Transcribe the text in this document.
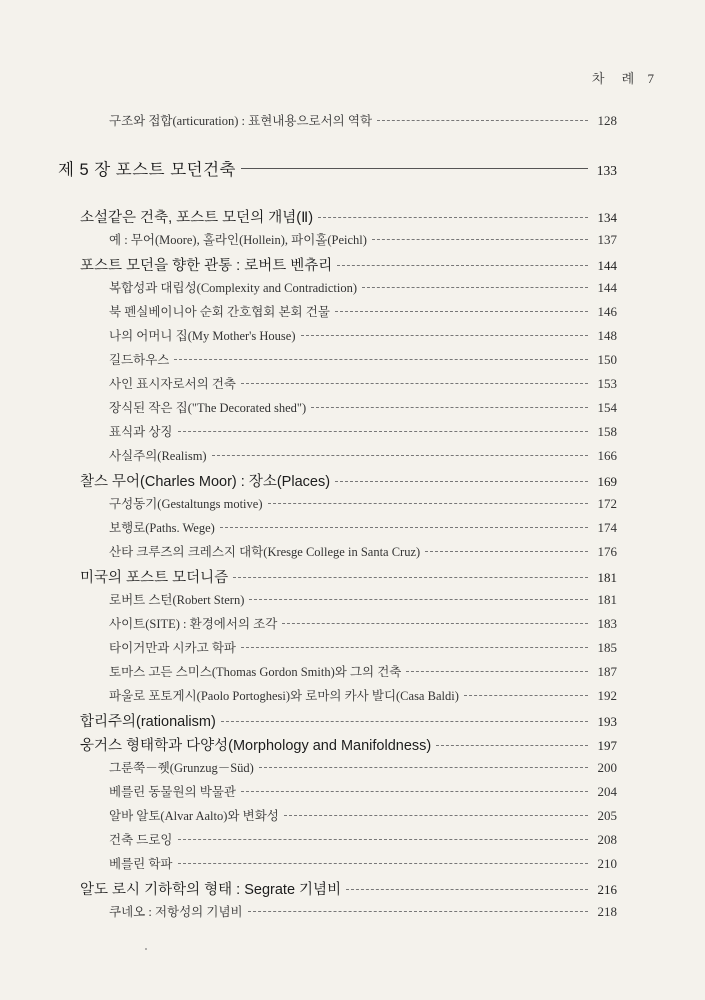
차 례 7
구조와 접합(articuration) : 표현내용으로서의 역학	128
제 5 장 포스트 모던건축	133
소설같은 건축, 포스트 모던의 개념(Ⅱ)	134
예 : 무어(Moore), 홀라인(Hollein), 파이홀(Peichl)	137
포스트 모던을 향한 관통 : 로버트 벤츄리	144
복합성과 대립성(Complexity and Contradiction)	144
북 펜실베이니아 순회 간호협회 본회 건물	146
나의 어머니 집(My Mother's House)	148
길드하우스	150
사인 표시자로서의 건축	153
장식된 작은 집("The Decorated shed")	154
표식과 상징	158
사실주의(Realism)	166
찰스 무어(Charles Moor) : 장소(Places)	169
구성동기(Gestaltungs motive)	172
보행로(Paths. Wege)	174
산타 크루즈의 크레스지 대학(Kresge College in Santa Cruz)	176
미국의 포스트 모더니즘	181
로버트 스턴(Robert Stern)	181
사이트(SITE) : 환경에서의 조각	183
타이거만과 시카고 학파	185
토마스 고든 스미스(Thomas Gordon Smith)와 그의 건축	187
파울로 포토게시(Paolo Portoghesi)와 로마의 카사 발디(Casa Baldi)	192
합리주의(rationalism)	193
웅거스 형태학과 다양성(Morphology and Manifoldness)	197
그룬쭉－쥇(Grunzug－Süd)	200
베를린 동물원의 박물관	204
알바 알토(Alvar Aalto)와 변화성	205
건축 드로잉	208
베를린 학파	210
알도 로시 기하학의 형태 : Segrate 기념비	216
쿠네오 : 저항성의 기념비	218
